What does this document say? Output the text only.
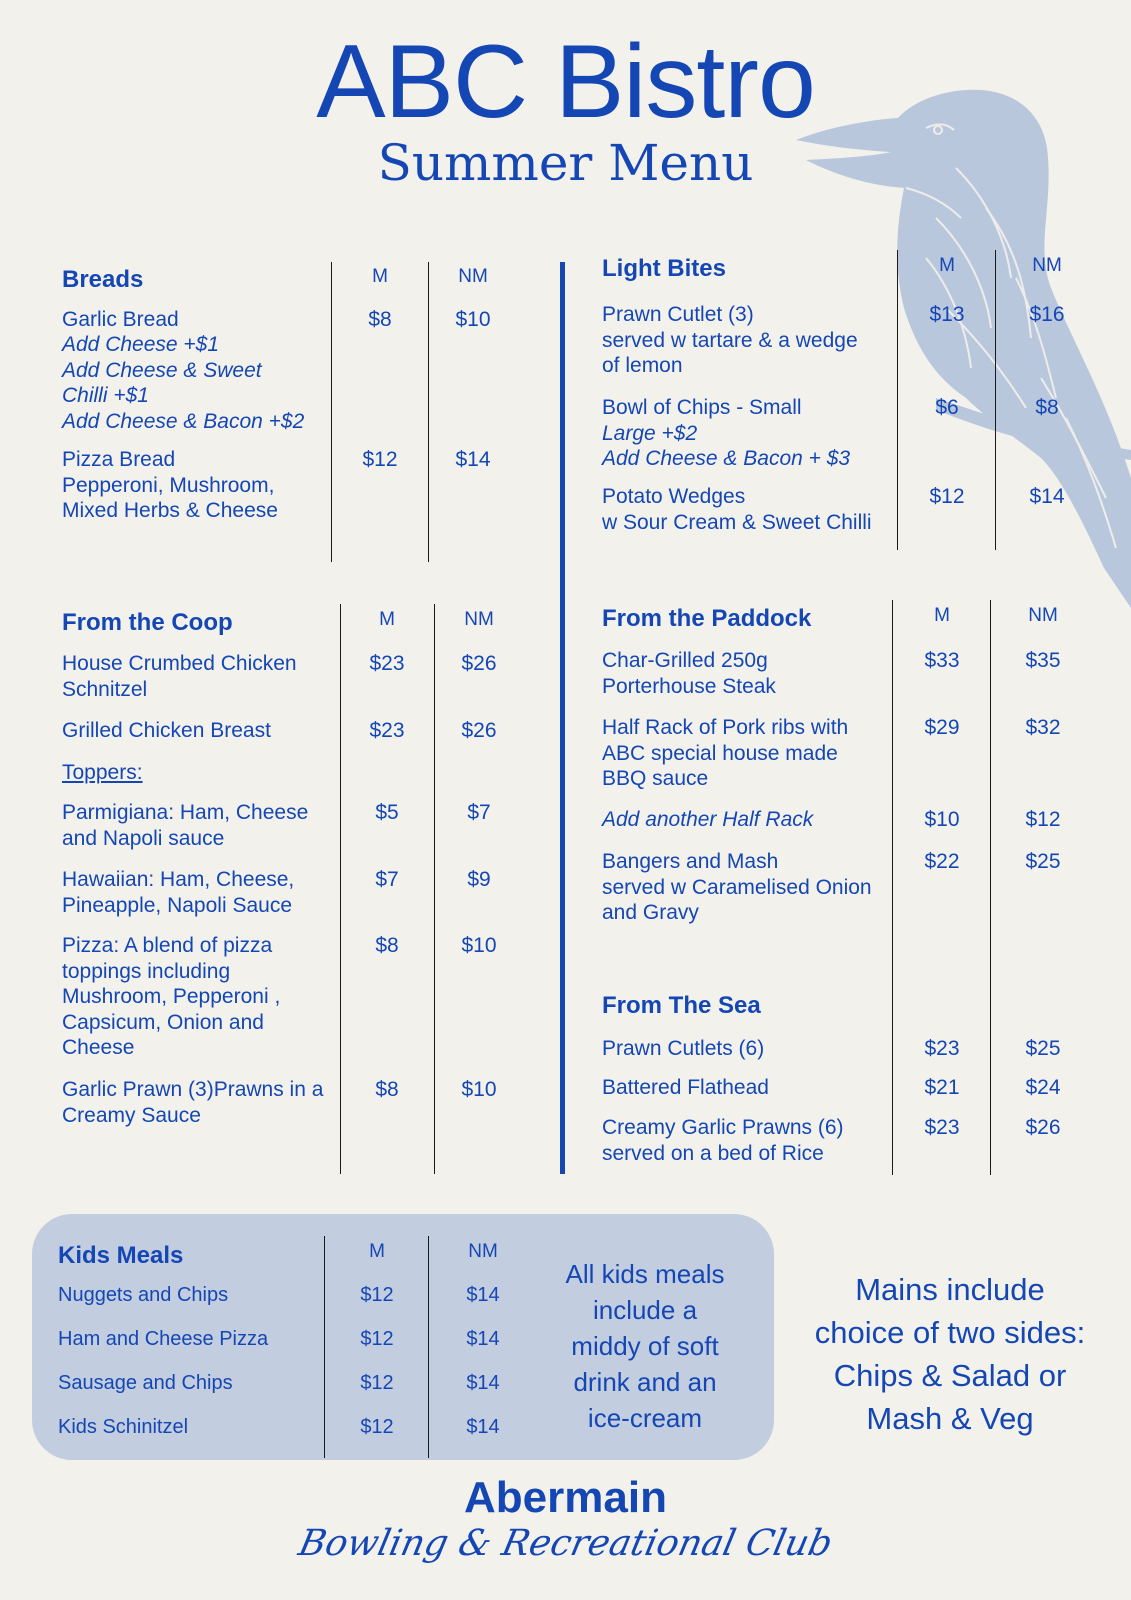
ABC Bistro
Summer Menu
Breads	M	NM
Garlic Bread	$8	$10
Add Cheese +$1
Add Cheese & Sweet
Chilli +$1
Add Cheese & Bacon +$2
Pizza Bread
Pepperoni, Mushroom,
Mixed Herbs & Cheese
$12	$14
Light Bites	M	NM
Prawn Cutlet (3)
served w tartare & a wedge
of lemon
$13	$16
Bowl of Chips - Small
Large +$2
Add Cheese & Bacon + $3
$6	$8
Potato Wedges
w Sour Cream & Sweet Chilli
$12	$14
From the Coop	M	NM
House Crumbed Chicken
Schnitzel
$23	$26
Grilled Chicken Breast	$23	$26
Toppers:
Parmigiana: Ham, Cheese
and Napoli sauce
$5	$7
Hawaiian: Ham, Cheese,
Pineapple, Napoli Sauce
$7	$9
Pizza: A blend of pizza
toppings including
Mushroom, Pepperoni ,
Capsicum, Onion and
Cheese
$8	$10
Garlic Prawn (3)Prawns in a
Creamy Sauce
$8	$10
From the Paddock	M	NM
Char-Grilled 250g
Porterhouse Steak
$33	$35
Half Rack of Pork ribs with
ABC special house made
BBQ sauce
$29	$32
Add another Half Rack	$10	$12
Bangers and Mash
served w Caramelised Onion
and Gravy
$22	$25
From The Sea
Prawn Cutlets (6)	$23	$25
Battered Flathead	$21	$24
Creamy Garlic Prawns (6)
served on a bed of Rice
$23	$26
Kids Meals	M	NM
Nuggets and Chips	$12	$14
Ham and Cheese Pizza	$12	$14
Sausage and Chips	$12	$14
Kids Schinitzel	$12	$14
All kids meals
include a
middy of soft
drink and an
ice-cream
Mains include
choice of two sides:
Chips & Salad or
Mash & Veg
Abermain
Bowling & Recreational Club
